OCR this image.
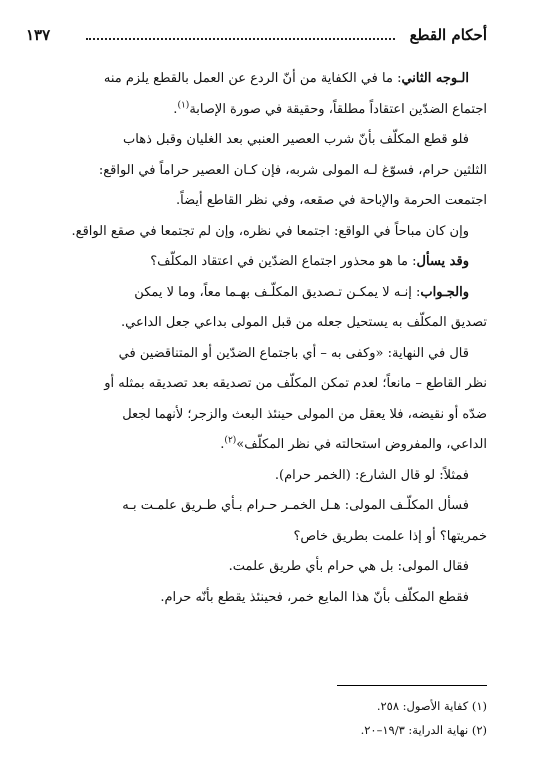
أحكام القطع
١٣٧
الـوجه الثاني: ما في الكفاية من أنّ الردع عن العمل بالقطع يلزم منه
اجتماع الضدّين اعتقاداً مطلقاً، وحقيقة في صورة الإصابة$^{(١)}$.
فلو قطع المكلّف بأنّ شرب العصير العنبي بعد الغليان وقبل ذهاب
الثلثين حرام، فسوّغ لـه المولى شربه، فإن كـان العصير حراماً في الواقع:
اجتمعت الحرمة والإباحة في صقعه، وفي نظر القاطع أيضاً.
وإن كان مباحاً في الواقع: اجتمعا في نظره، وإن لم تجتمعا في صقع الواقع.
وقد يسأل: ما هو محذور اجتماع الضدّين في اعتقاد المكلّف؟
والجـواب: إنـه لا يمكـن تـصديق المكلّـف بهـما معاً، وما لا يمكن
تصديق المكلّف به يستحيل جعله من قبل المولى بداعي جعل الداعي.
قال في النهاية: «وكفى به – أي باجتماع الضدّين أو المتناقضين في
نظر القاطع – مانعاً؛ لعدم تمكن المكلّف من تصديقه بعد تصديقه بمثله أو
ضدّه أو نقيضه، فلا يعقل من المولى حينئذ البعث والزجر؛ لأنهما لجعل
الداعي، والمفروض استحالته في نظر المكلّف»$^{(٢)}$.
فمثلاً: لو قال الشارع: (الخمر حرام).
فسأل المكلّـف المولى: هـل الخمـر حـرام بـأي طـريق علمـت بـه
خمريتها؟ أو إذا علمت بطريق خاص؟
فقال المولى: بل هي حرام بأي طريق علمت.
فقطع المكلّف بأنّ هذا المايع خمر، فحينئذ يقطع بأنّه حرام.
(١) كفاية الأصول: ٢٥٨.
(٢) نهاية الدراية: ١٩/٣–٢٠.
